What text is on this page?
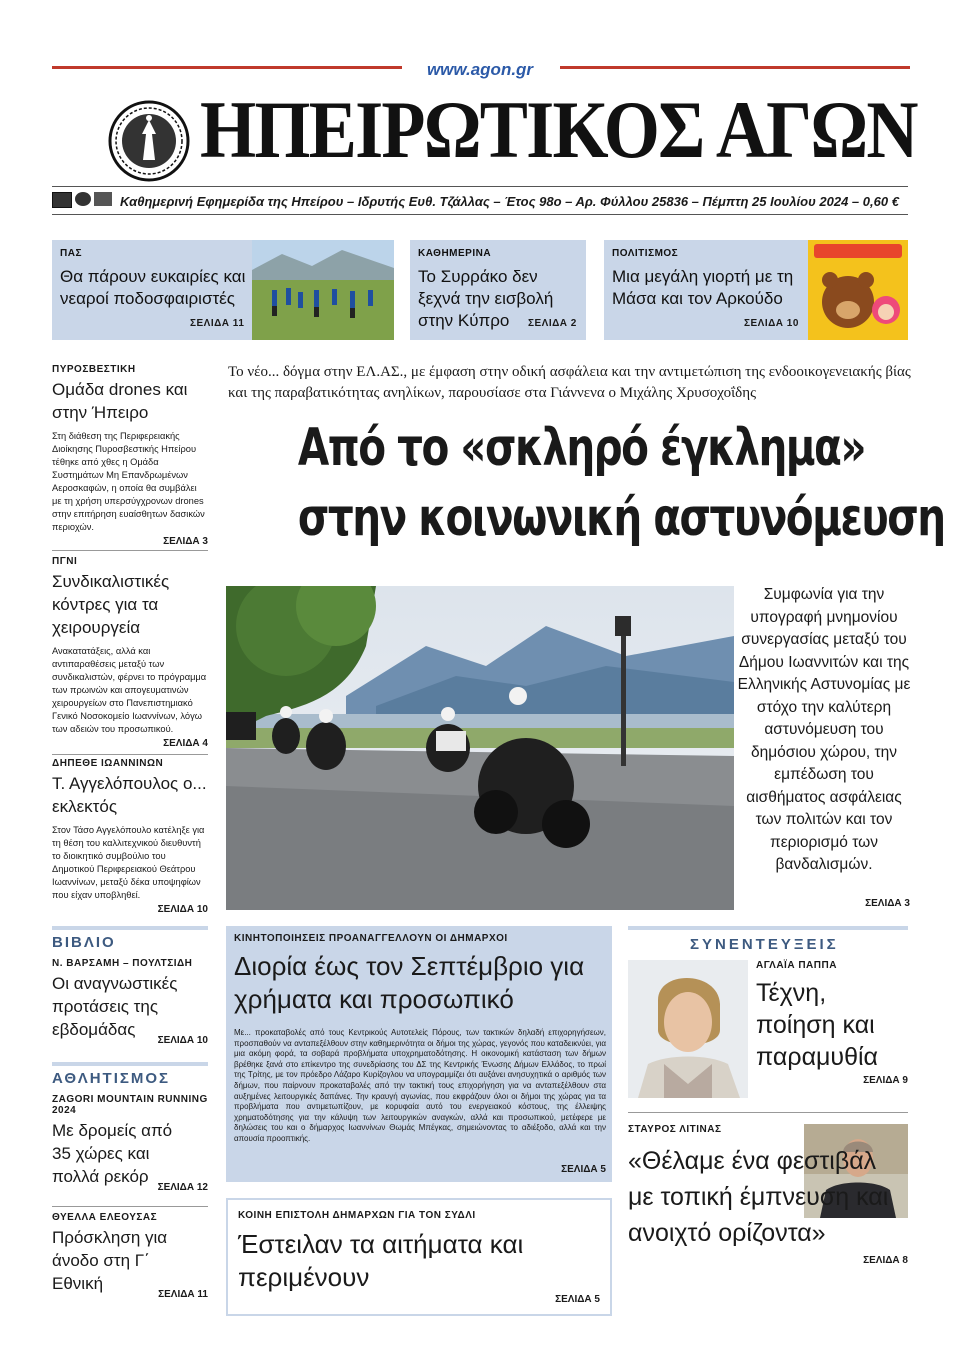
www.agon.gr
ΗΠΕΙΡΩΤΙΚΟΣ ΑΓΩΝ
Καθημερινή Εφημερίδα της Ηπείρου – Ιδρυτής Ευθ. Τζάλλας – Έτος 98ο – Αρ. Φύλλου 25836 – Πέμπτη 25 Ιουλίου 2024 – 0,60 €
ΠΑΣ
Θα πάρουν ευκαιρίες και νεαροί ποδοσφαιριστές
ΣΕΛΙΔΑ 11
ΚΑΘΗΜΕΡΙΝΑ
Το Συρράκο δεν ξεχνά την εισβολή στην Κύπρο	ΣΕΛΙΔΑ 2
ΠΟΛΙΤΙΣΜΟΣ
Μια μεγάλη γιορτή με τη Μάσα και τον Αρκούδο
ΣΕΛΙΔΑ 10
ΠΥΡΟΣΒΕΣΤΙΚΗ
Ομάδα drones και στην Ήπειρο
Στη διάθεση της Περιφερειακής Διοίκησης Πυροσβεστικής Ηπείρου τέθηκε από χθες η Ομάδα Συστημάτων Μη Επανδρωμένων Αεροσκαφών, η οποία θα συμβάλει με τη χρήση υπερσύγχρονων drones στην επιτήρηση ευαίσθητων δασικών περιοχών.
ΣΕΛΙΔΑ 3
ΠΓΝΙ
Συνδικαλιστικές κόντρες για τα χειρουργεία
Ανακατατάξεις, αλλά και αντιπαραθέσεις μεταξύ των συνδικαλιστών, φέρνει το πρόγραμμα των πρωινών και απογευματινών χειρουργείων στο Πανεπιστημιακό Γενικό Νοσοκομείο Ιωαννίνων, λόγω των αδειών του προσωπικού.
ΣΕΛΙΔΑ 4
ΔΗΠΕΘΕ ΙΩΑΝΝΙΝΩΝ
Τ. Αγγελόπουλος ο... εκλεκτός
Στον Τάσο Αγγελόπουλο κατέληξε για τη θέση του καλλιτεχνικού διευθυντή το διοικητικό συμβούλιο του Δημοτικού Περιφερειακού Θεάτρου Ιωαννίνων, μεταξύ δέκα υποψηφίων που είχαν υποβληθεί.
ΣΕΛΙΔΑ 10
ΒΙΒΛΙΟ
Ν. ΒΑΡΣΑΜΗ – ΠΟΥΛΤΣΙΔΗ
Οι αναγνωστικές προτάσεις της εβδομάδας
ΣΕΛΙΔΑ 10
ΑΘΛΗΤΙΣΜΟΣ
ZAGORI MOUNTAIN RUNNING 2024
Με δρομείς από 35 χώρες και πολλά ρεκόρ
ΣΕΛΙΔΑ 12
ΘΥΕΛΛΑ ΕΛΕΟΥΣΑΣ
Πρόσκληση για άνοδο στη Γ΄ Εθνική
ΣΕΛΙΔΑ 11
Το νέο... δόγμα στην ΕΛ.ΑΣ., με έμφαση στην οδική ασφάλεια και την αντιμετώπιση της ενδοοικογενειακής βίας και της παραβατικότητας ανηλίκων, παρουσίασε στα Γιάννενα ο Μιχάλης Χρυσοχοΐδης
Από το «σκληρό έγκλημα»
στην κοινωνική αστυνόμευση
Συμφωνία για την υπογραφή μνημονίου συνεργασίας μεταξύ του Δήμου Ιωαννιτών και της Ελληνικής Αστυνομίας με στόχο την καλύτερη αστυνόμευση του δημόσιου χώρου, την εμπέδωση του αισθήματος ασφάλειας των πολιτών και τον περιορισμό των βανδαλισμών.
ΣΕΛΙΔΑ 3
ΚΙΝΗΤΟΠΟΙΗΣΕΙΣ ΠΡΟΑΝΑΓΓΕΛΛΟΥΝ ΟΙ ΔΗΜΑΡΧΟΙ
Διορία έως τον Σεπτέμβριο για χρήματα και προσωπικό
Με... προκαταβολές από τους Κεντρικούς Αυτοτελείς Πόρους, των τακτικών δηλαδή επιχορηγήσεων, προσπαθούν να ανταπεξέλθουν στην καθημερινότητα οι δήμοι της χώρας, γεγονός που καταδεικνύει, για μια ακόμη φορά, τα σοβαρά προβλήματα υποχρηματοδότησης. Η οικονομική κατάσταση των δήμων βρέθηκε ξανά στο επίκεντρο της συνεδρίασης του ΔΣ της Κεντρικής Ένωσης Δήμων Ελλάδος, το πρωί της Τρίτης, με τον πρόεδρο Λάζαρο Κυρίζογλου να υπογραμμίζει ότι αυξάνει ανησυχητικά ο αριθμός των δήμων, που παίρνουν προκαταβολές από την τακτική τους επιχορήγηση για να ανταπεξέλθουν στα αυξημένες λειτουργικές δαπάνες. Την κραυγή αγωνίας, που εκφράζουν όλοι οι δήμοι της χώρας για τα προβλήματα που αντιμετωπίζουν, με κορυφαία αυτό του ενεργειακού κόστους, της έλλειψης χρηματοδότησης για την κάλυψη των λειτουργικών αναγκών, αλλά και προσωπικού, μετέφερε με δηλώσεις του και ο δήμαρχος Ιωαννίνων Θωμάς Μπέγκας, σημειώνοντας το αδιέξοδο, αλλά και την απουσία προοπτικής.
ΣΕΛΙΔΑ 5
ΚΟΙΝΗ ΕΠΙΣΤΟΛΗ ΔΗΜΑΡΧΩΝ ΓΙΑ ΤΟΝ ΣΥΔΛΙ
Έστειλαν τα αιτήματα και περιμένουν
ΣΕΛΙΔΑ 5
ΣΥΝΕΝΤΕΥΞΕΙΣ
ΑΓΛΑΪΑ ΠΑΠΠΑ
Τέχνη, ποίηση και παραμυθία
ΣΕΛΙΔΑ 9
ΣΤΑΥΡΟΣ ΛΙΤΙΝΑΣ
«Θέλαμε ένα φεστιβάλ με τοπική έμπνευση και ανοιχτό ορίζοντα»
ΣΕΛΙΔΑ 8
